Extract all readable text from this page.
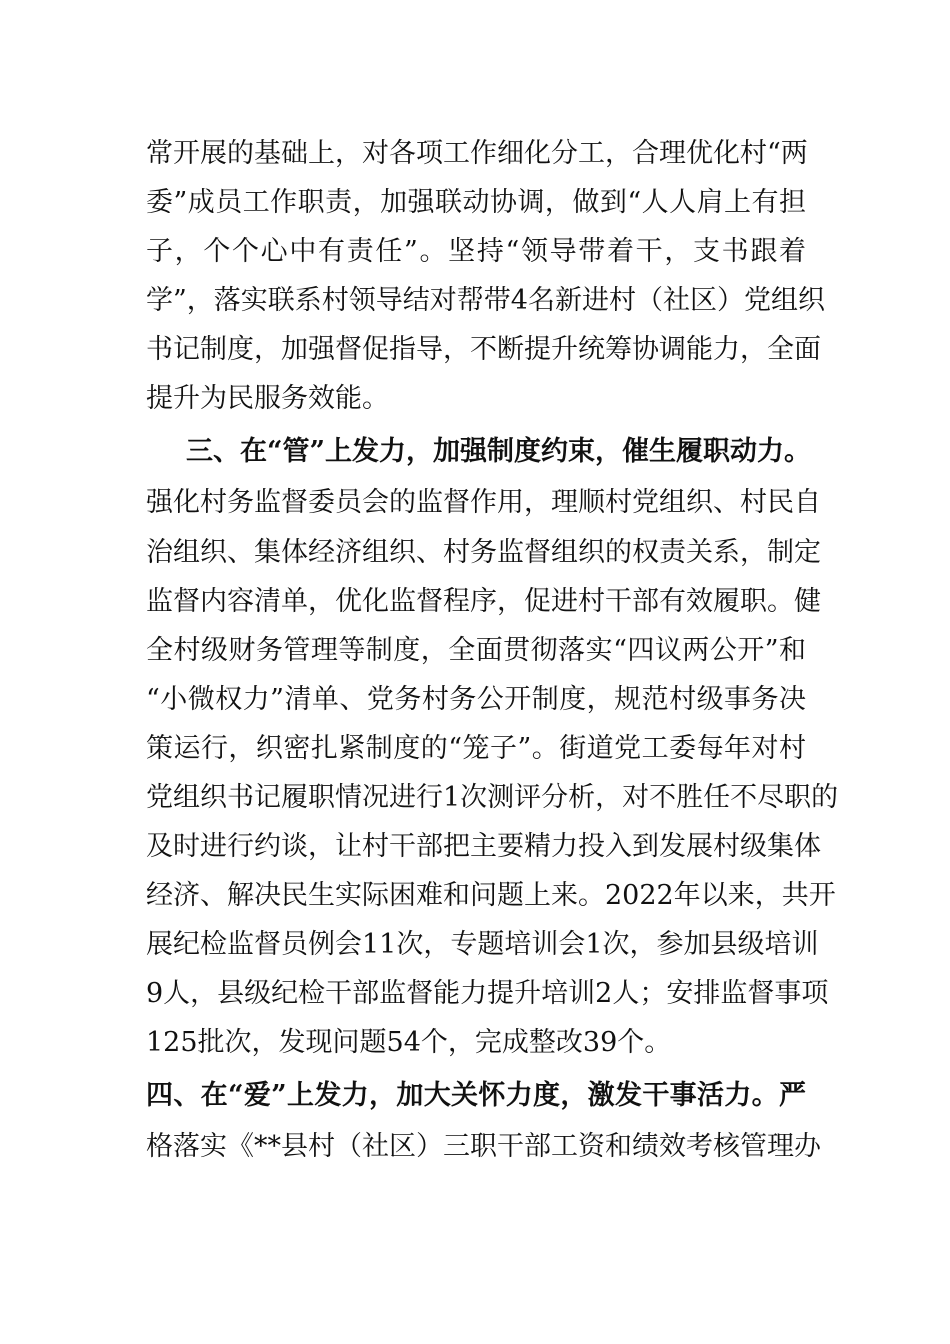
常开展的基础上，对各项工作细化分工，合理优化村“两
委”成员工作职责，加强联动协调，做到“人人肩上有担
子，个个心中有责任”。坚持“领导带着干，支书跟着
学”，落实联系村领导结对帮带4名新进村（社区）党组织
书记制度，加强督促指导，不断提升统筹协调能力，全面
提升为民服务效能。
三、在“管”上发力，加强制度约束，催生履职动力。
强化村务监督委员会的监督作用，理顺村党组织、村民自
治组织、集体经济组织、村务监督组织的权责关系，制定
监督内容清单，优化监督程序，促进村干部有效履职。健
全村级财务管理等制度，全面贯彻落实“四议两公开”和
“小微权力”清单、党务村务公开制度，规范村级事务决
策运行，织密扎紧制度的“笼子”。街道党工委每年对村
党组织书记履职情况进行1次测评分析，对不胜任不尽职的
及时进行约谈，让村干部把主要精力投入到发展村级集体
经济、解决民生实际困难和问题上来。2022年以来，共开
展纪检监督员例会11次，专题培训会1次，参加县级培训
9人，县级纪检干部监督能力提升培训2人；安排监督事项
125批次，发现问题54个，完成整改39个。
四、在“爱”上发力，加大关怀力度，激发干事活力。严
格落实《**县村（社区）三职干部工资和绩效考核管理办
